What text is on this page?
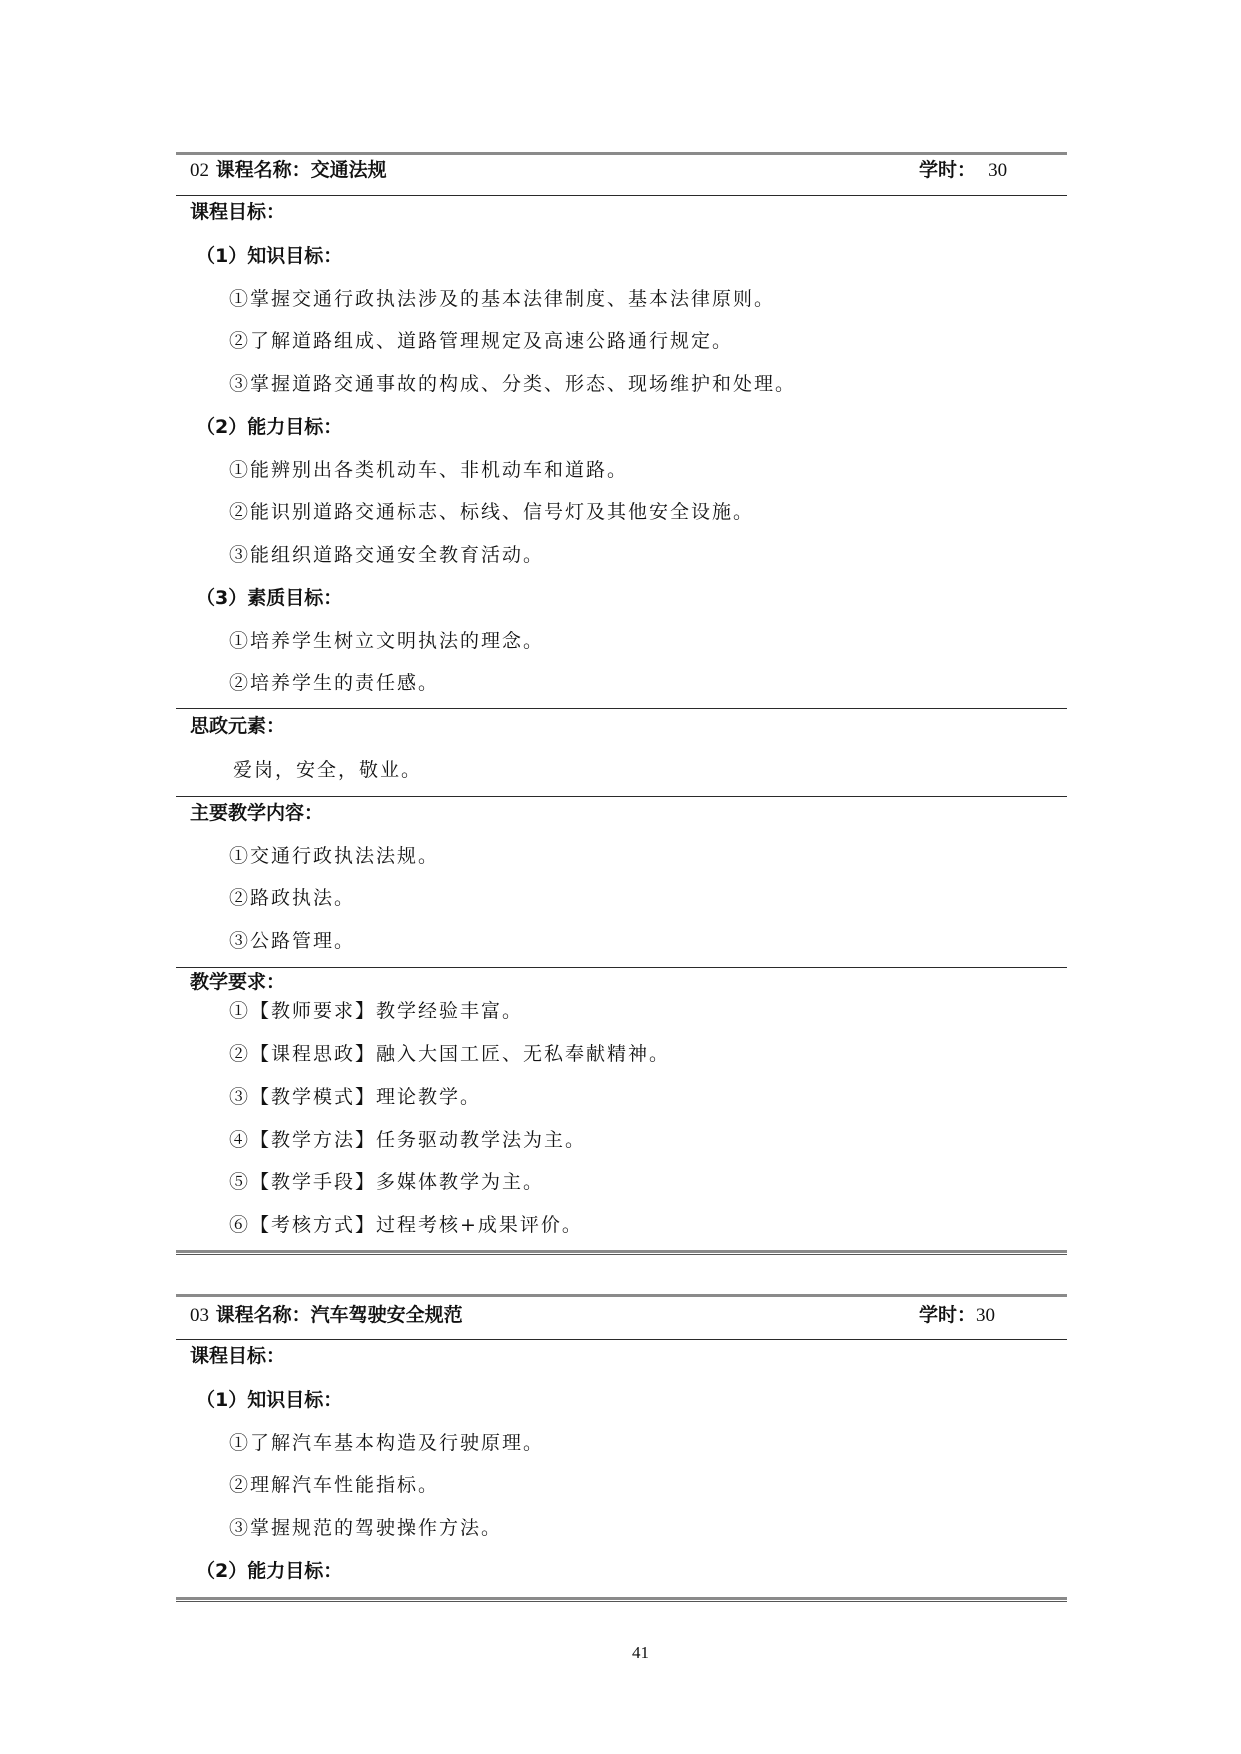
02 课程名称：交通法规	学时： 30
课程目标：
（1）知识目标：
①掌握交通行政执法涉及的基本法律制度、基本法律原则。
②了解道路组成、道路管理规定及高速公路通行规定。
③掌握道路交通事故的构成、分类、形态、现场维护和处理。
（2）能力目标：
①能辨别出各类机动车、非机动车和道路。
②能识别道路交通标志、标线、信号灯及其他安全设施。
③能组织道路交通安全教育活动。
（3）素质目标：
①培养学生树立文明执法的理念。
②培养学生的责任感。
思政元素：
爱岗，安全，敬业。
主要教学内容：
①交通行政执法法规。
②路政执法。
③公路管理。
教学要求：
①【教师要求】教学经验丰富。
②【课程思政】融入大国工匠、无私奉献精神。
③【教学模式】理论教学。
④【教学方法】任务驱动教学法为主。
⑤【教学手段】多媒体教学为主。
⑥【考核方式】过程考核+成果评价。
03 课程名称：汽车驾驶安全规范	学时：30
课程目标：
（1）知识目标：
①了解汽车基本构造及行驶原理。
②理解汽车性能指标。
③掌握规范的驾驶操作方法。
（2）能力目标：
41
